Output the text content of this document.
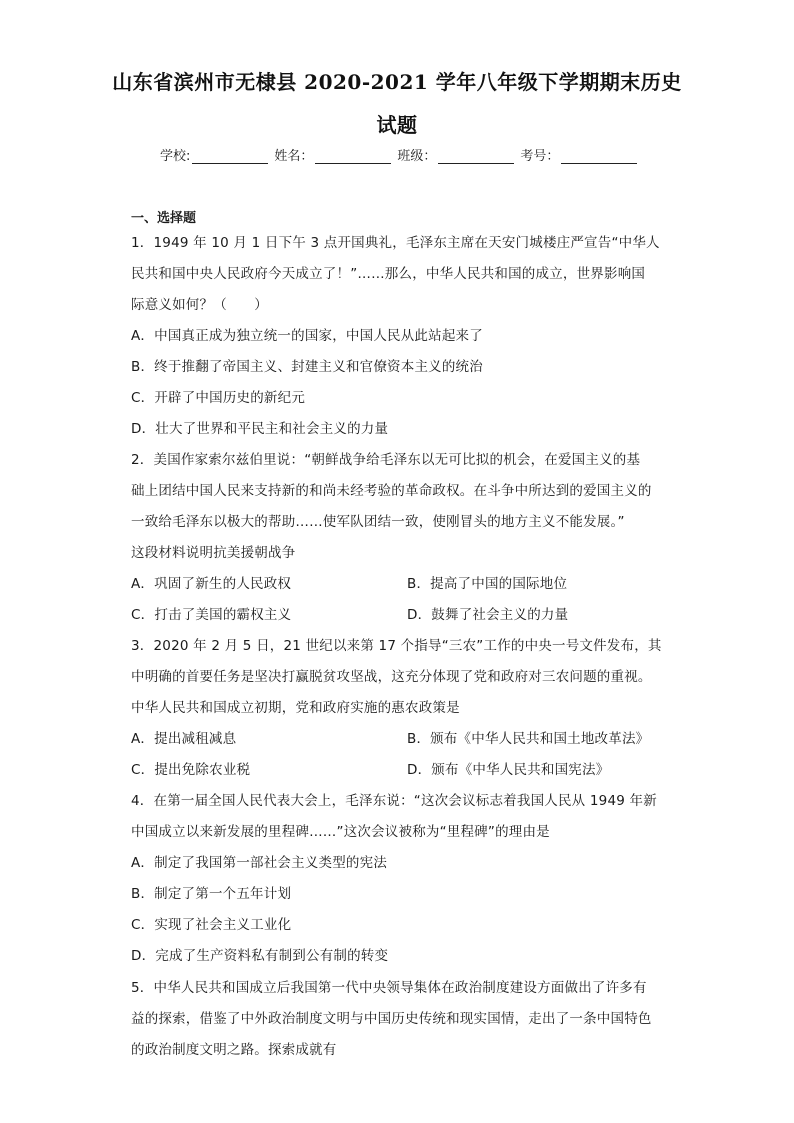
山东省滨州市无棣县 2020-2021 学年八年级下学期期末历史
试题
学校:	姓名：	班级：	考号：
一、选择题
1．1949 年 10 月 1 日下午 3 点开国典礼，毛泽东主席在天安门城楼庄严宣告“中华人
民共和国中央人民政府今天成立了！”……那么，中华人民共和国的成立，世界影响国
际意义如何？（　　）
A．中国真正成为独立统一的国家，中国人民从此站起来了
B．终于推翻了帝国主义、封建主义和官僚资本主义的统治
C．开辟了中国历史的新纪元
D．壮大了世界和平民主和社会主义的力量
2．美国作家索尔兹伯里说：“朝鲜战争给毛泽东以无可比拟的机会，在爱国主义的基
础上团结中国人民来支持新的和尚未经考验的革命政权。在斗争中所达到的爱国主义的
一致给毛泽东以极大的帮助……使军队团结一致，使刚冒头的地方主义不能发展。”
这段材料说明抗美援朝战争
A．巩固了新生的人民政权	B．提高了中国的国际地位
C．打击了美国的霸权主义	D．鼓舞了社会主义的力量
3．2020 年 2 月 5 日，21 世纪以来第 17 个指导“三农”工作的中央一号文件发布，其
中明确的首要任务是坚决打赢脱贫攻坚战，这充分体现了党和政府对三农问题的重视。
中华人民共和国成立初期，党和政府实施的惠农政策是
A．提出减租减息	B．颁布《中华人民共和国土地改革法》
C．提出免除农业税	D．颁布《中华人民共和国宪法》
4．在第一届全国人民代表大会上，毛泽东说：“这次会议标志着我国人民从 1949 年新
中国成立以来新发展的里程碑……”这次会议被称为“里程碑”的理由是
A．制定了我国第一部社会主义类型的宪法
B．制定了第一个五年计划
C．实现了社会主义工业化
D．完成了生产资料私有制到公有制的转变
5．中华人民共和国成立后我国第一代中央领导集体在政治制度建设方面做出了许多有
益的探索，借鉴了中外政治制度文明与中国历史传统和现实国情，走出了一条中国特色
的政治制度文明之路。探索成就有
